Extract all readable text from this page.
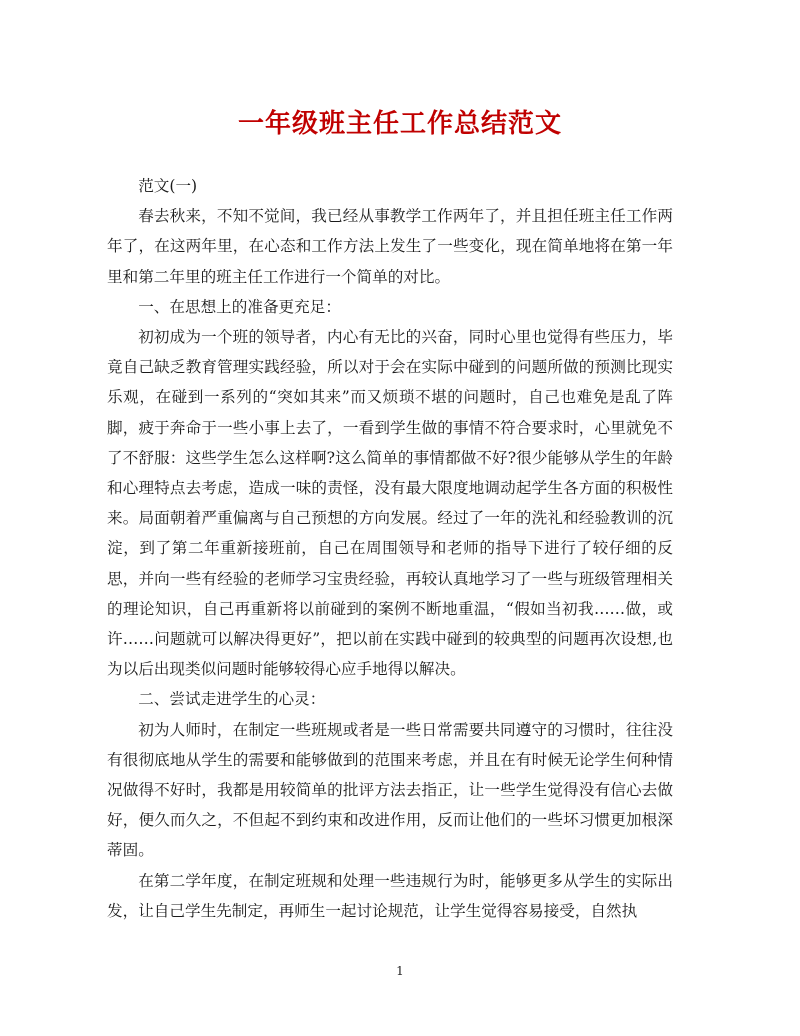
一年级班主任工作总结范文

范文(一)

春去秋来，不知不觉间，我已经从事教学工作两年了，并且担任班主任工作两年了，在这两年里，在心态和工作方法上发生了一些变化，现在简单地将在第一年里和第二年里的班主任工作进行一个简单的对比。

一、在思想上的准备更充足：

初初成为一个班的领导者，内心有无比的兴奋，同时心里也觉得有些压力，毕竟自己缺乏教育管理实践经验，所以对于会在实际中碰到的问题所做的预测比现实乐观，在碰到一系列的“突如其来”而又烦琐不堪的问题时，自己也难免是乱了阵脚，疲于奔命于一些小事上去了，一看到学生做的事情不符合要求时，心里就免不了不舒服：这些学生怎么这样啊?这么简单的事情都做不好?很少能够从学生的年龄和心理特点去考虑，造成一味的责怪，没有最大限度地调动起学生各方面的积极性来。局面朝着严重偏离与自己预想的方向发展。经过了一年的洗礼和经验教训的沉淀，到了第二年重新接班前，自己在周围领导和老师的指导下进行了较仔细的反思，并向一些有经验的老师学习宝贵经验，再较认真地学习了一些与班级管理相关的理论知识，自己再重新将以前碰到的案例不断地重温，“假如当初我……做，或许……问题就可以解决得更好”，把以前在实践中碰到的较典型的问题再次设想,也为以后出现类似问题时能够较得心应手地得以解决。

二、尝试走进学生的心灵：

初为人师时，在制定一些班规或者是一些日常需要共同遵守的习惯时，往往没有很彻底地从学生的需要和能够做到的范围来考虑，并且在有时候无论学生何种情况做得不好时，我都是用较简单的批评方法去指正，让一些学生觉得没有信心去做好，便久而久之，不但起不到约束和改进作用，反而让他们的一些坏习惯更加根深蒂固。

在第二学年度，在制定班规和处理一些违规行为时，能够更多从学生的实际出发，让自己学生先制定，再师生一起讨论规范，让学生觉得容易接受，自然执

1
